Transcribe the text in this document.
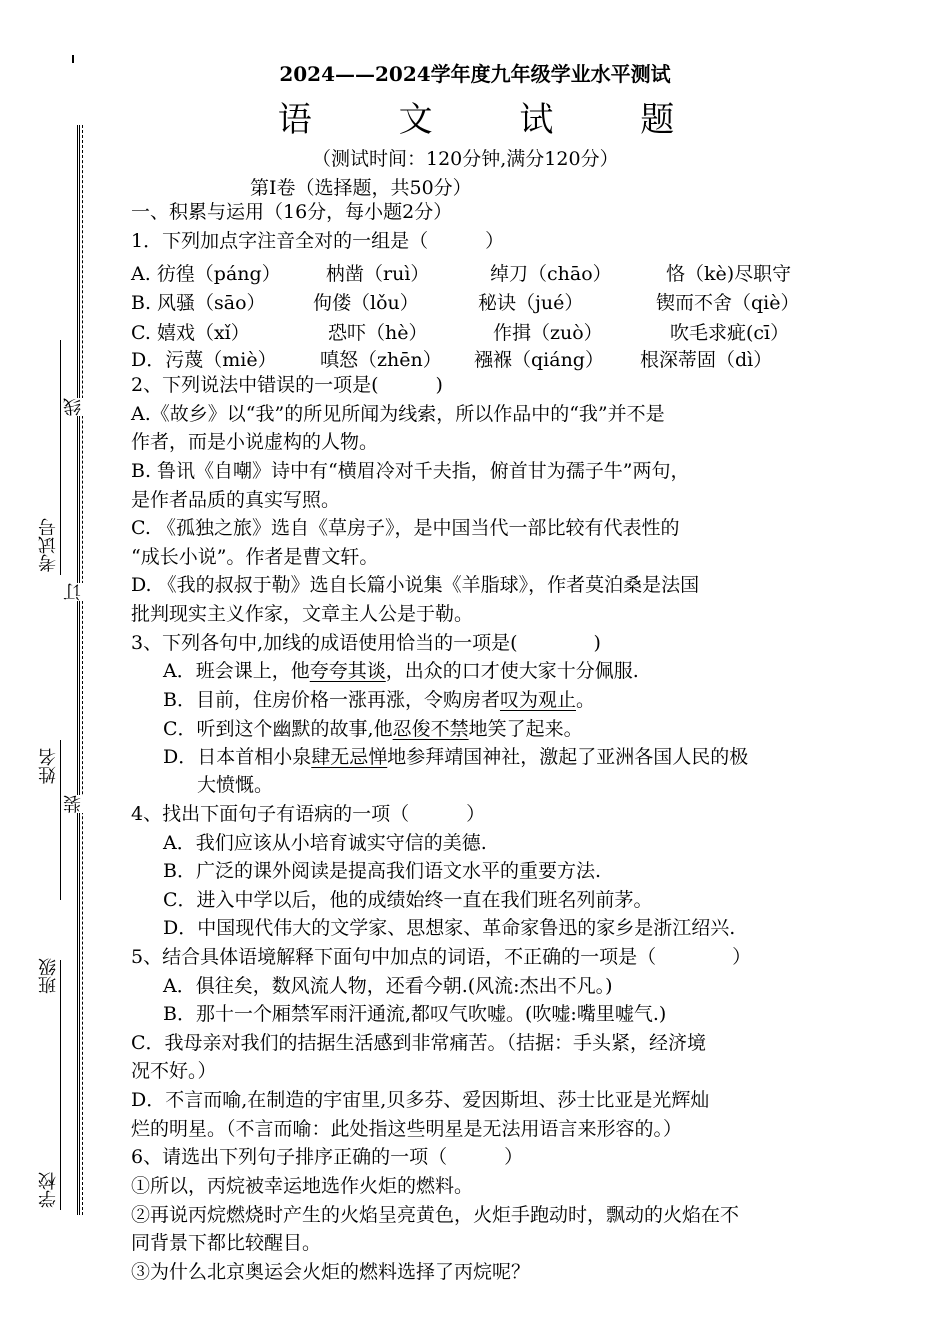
考试号
姓名
班级
学校
线
订
装
2024——2024学年度九年级学业水平测试
语 文 试 题
（测试时间：120分钟,满分120分）
第Ⅰ卷（选择题，共50分）
一、积累与运用（16分，每小题2分）
1．下列加点字注音全对的一组是（　　　）
A. 彷徨（páng） 枘凿（ruì）	绰刀（chāo）	恪（kè)尽职守
B. 风骚（sāo） 佝偻（lǒu）	秘诀（jué）	锲而不舍（qiè）
C. 嬉戏（xǐ）	恐吓（hè）	作揖（zuò）	吹毛求疵(cī）
D．污蔑（miè） 嗔怒（zhēn） 襁褓（qiáng） 根深蒂固（dì）
2、下列说法中错误的一项是(　　　)
A.《故乡》以“我”的所见所闻为线索，所以作品中的“我”并不是
作者，而是小说虚构的人物。
B. 鲁讯《自嘲》诗中有“横眉冷对千夫指，俯首甘为孺子牛”两句，
是作者品质的真实写照。
C. 《孤独之旅》选自《草房子》，是中国当代一部比较有代表性的
“成长小说”。作者是曹文轩。
D. 《我的叔叔于勒》选自长篇小说集《羊脂球》，作者莫泊桑是法国
批判现实主义作家，文章主人公是于勒。
3、下列各句中,加线的成语使用恰当的一项是(　　　　)
A．班会课上，他夸夸其谈，出众的口才使大家十分佩服.
B．目前，住房价格一涨再涨，令购房者叹为观止。
C．听到这个幽默的故事,他忍俊不禁地笑了起来。
D．日本首相小泉肆无忌惮地参拜靖国神社，激起了亚洲各国人民的极
大愤慨。
4、找出下面句子有语病的一项（　　　）
A．我们应该从小培育诚实守信的美德.
B．广泛的课外阅读是提高我们语文水平的重要方法.
C．进入中学以后，他的成绩始终一直在我们班名列前茅。
D．中国现代伟大的文学家、思想家、革命家鲁迅的家乡是浙江绍兴.
5、结合具体语境解释下面句中加点的词语，不正确的一项是（　　　　）
A．俱往矣，数风流人物，还看今朝.(风流:杰出不凡。)
B．那十一个厢禁军雨汗通流,都叹气吹嘘。(吹嘘:嘴里嘘气.)
C．我母亲对我们的拮据生活感到非常痛苦。（拮据：手头紧，经济境
况不好。）
D．不言而喻,在制造的宇宙里,贝多芬、爱因斯坦、莎士比亚是光辉灿
烂的明星。（不言而喻：此处指这些明星是无法用语言来形容的。）
6、请选出下列句子排序正确的一项（　　　）
①所以，丙烷被幸运地选作火炬的燃料。
②再说丙烷燃烧时产生的火焰呈亮黄色，火炬手跑动时，飘动的火焰在不
同背景下都比较醒目。
③为什么北京奥运会火炬的燃料选择了丙烷呢？
